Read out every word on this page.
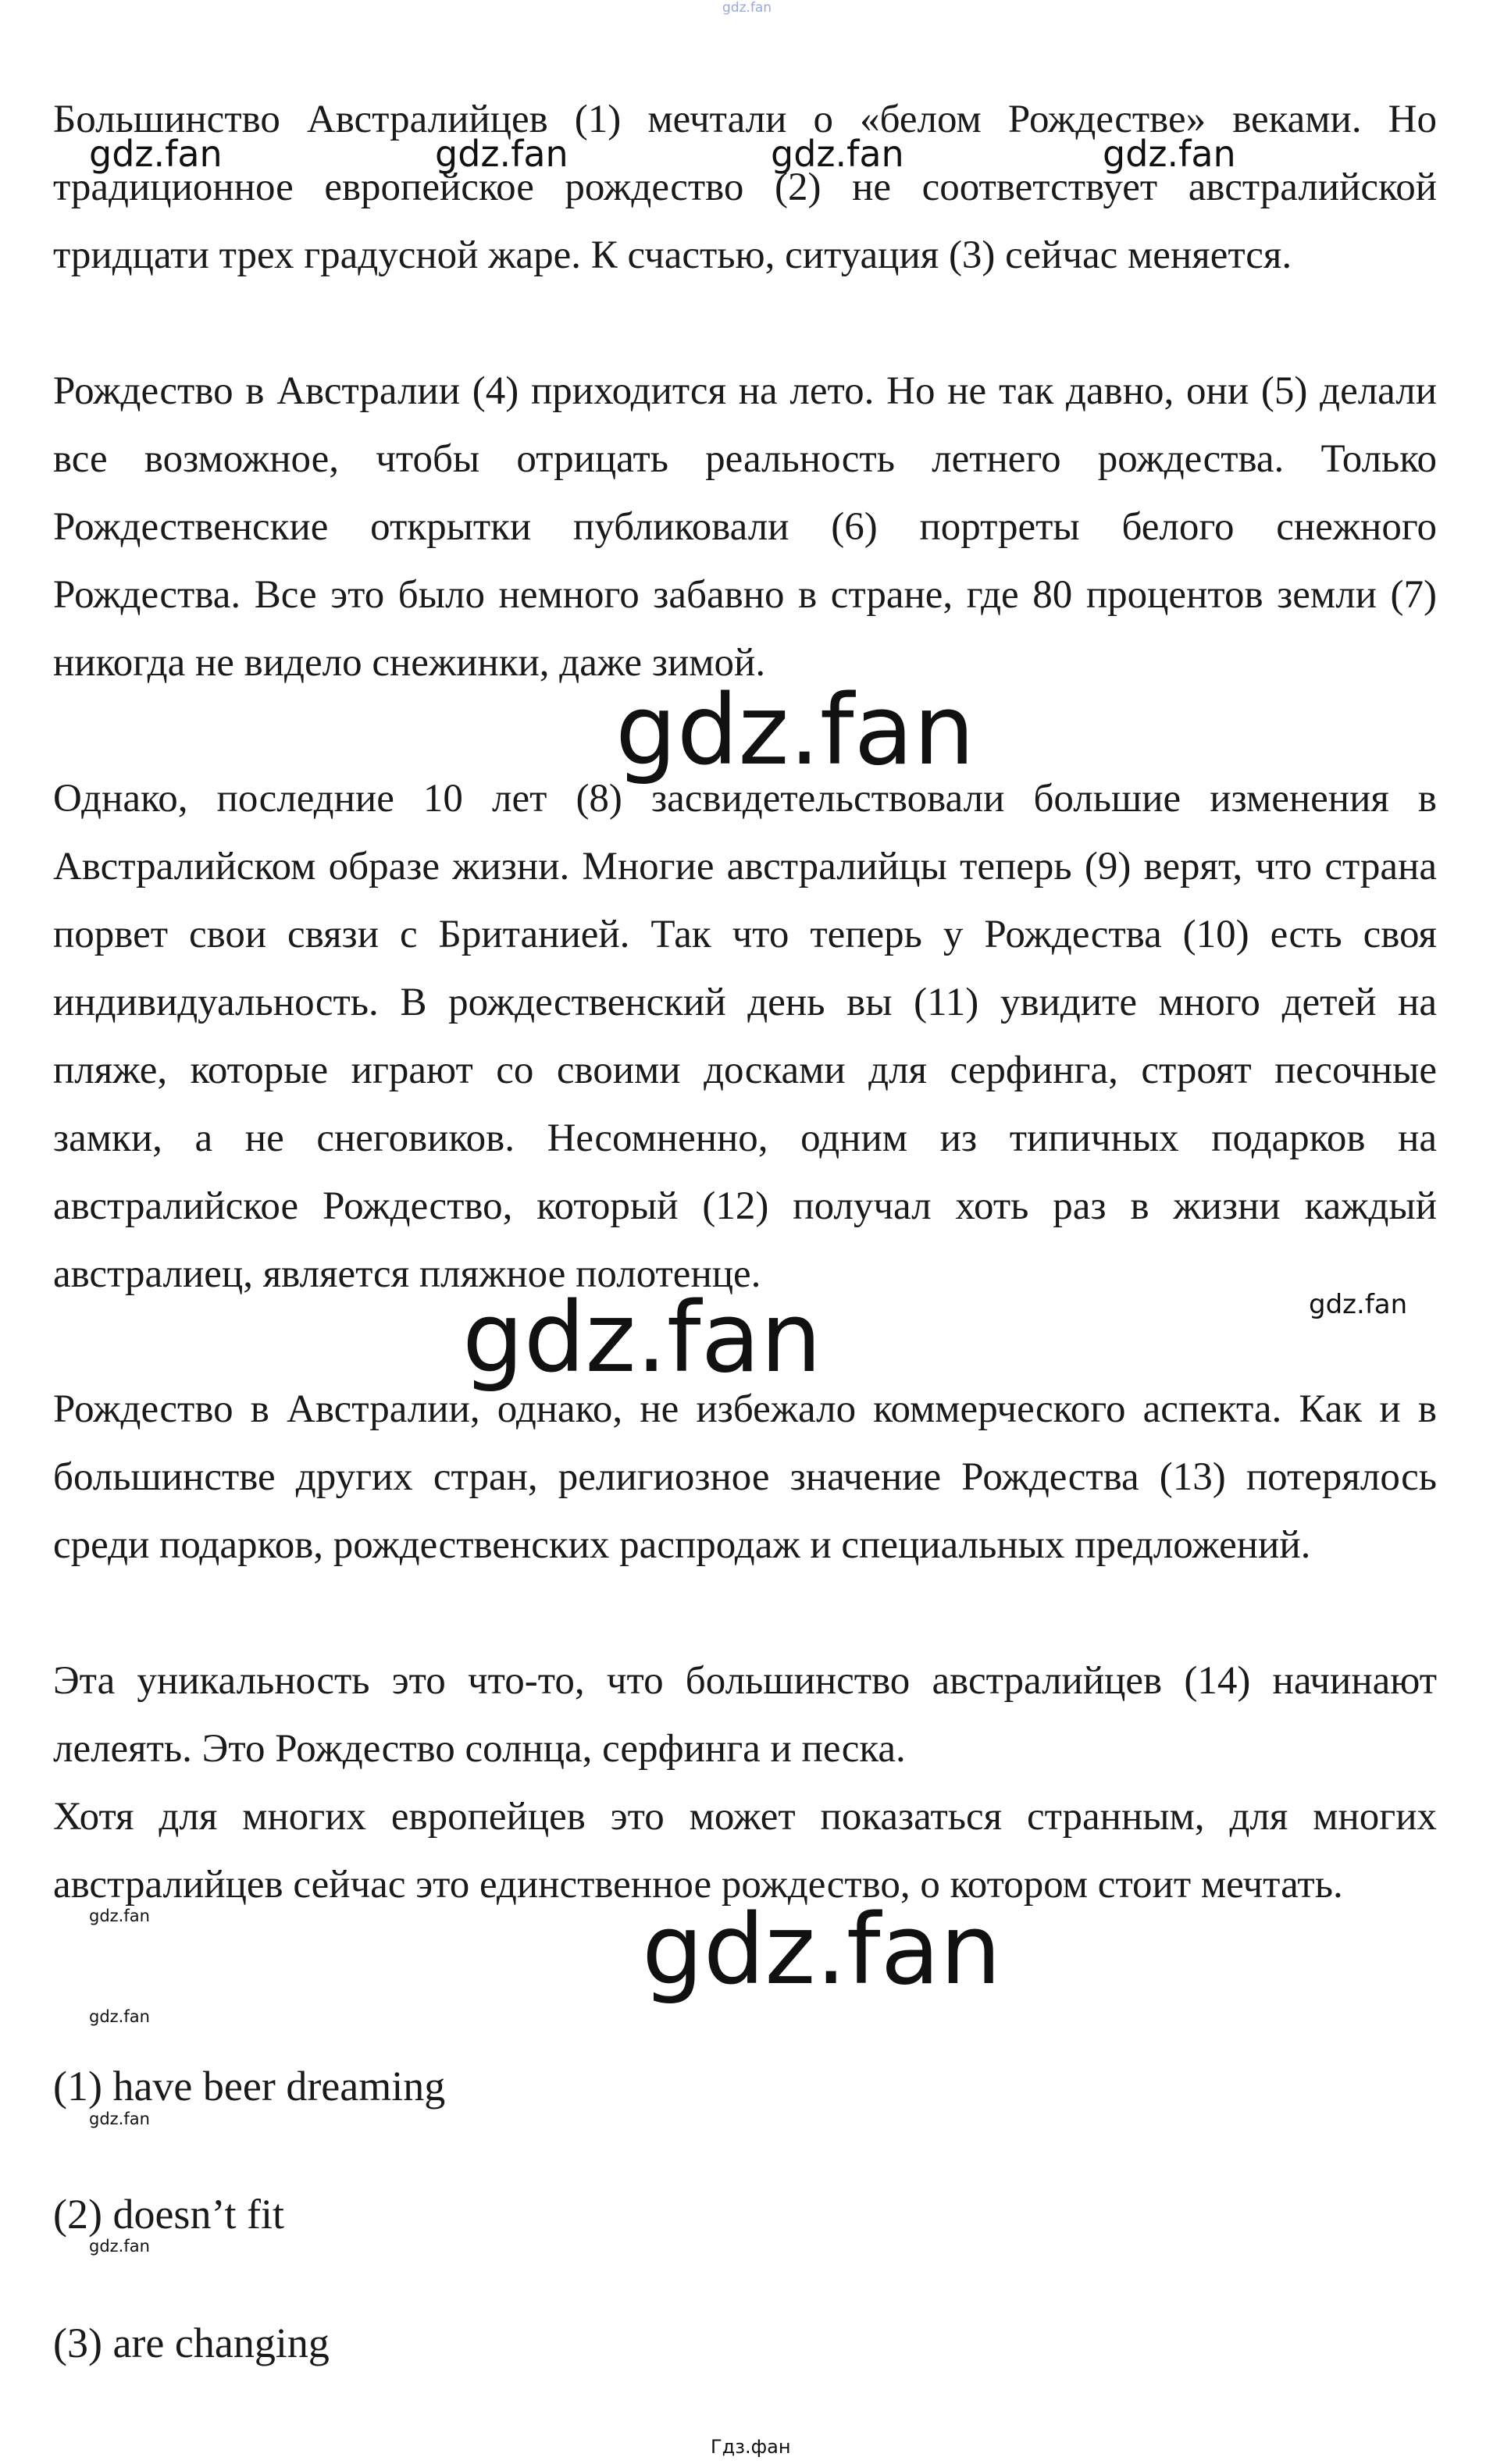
gdz.fan

Большинство Австралийцев (1) мечтали о «белом Рождестве» веками. Но традиционное европейское рождество (2) не соответствует австралийской тридцати трех градусной жаре. К счастью, ситуация (3) сейчас меняется.

Рождество в Австралии (4) приходится на лето. Но не так давно, они (5) делали все возможное, чтобы отрицать реальность летнего рождества. Только Рождественские открытки публиковали (6) портреты белого снежного Рождества. Все это было немного забавно в стране, где 80 процентов земли (7) никогда не видело снежинки, даже зимой.

Однако, последние 10 лет (8) засвидетельствовали большие изменения в Австралийском образе жизни. Многие австралийцы теперь (9) верят, что страна порвет свои связи с Британией. Так что теперь у Рождества (10) есть своя индивидуальность. В рождественский день вы (11) увидите много детей на пляже, которые играют со своими досками для серфинга, строят песочные замки, а не снеговиков. Несомненно, одним из типичных подарков на австралийское Рождество, который (12) получал хоть раз в жизни каждый австралиец, является пляжное полотенце.

Рождество в Австралии, однако, не избежало коммерческого аспекта. Как и в большинстве других стран, религиозное значение Рождества (13) потерялось среди подарков, рождественских распродаж и специальных предложений.

Эта уникальность это что-то, что большинство австралийцев (14) начинают лелеять. Это Рождество солнца, серфинга и песка.

Хотя для многих европейцев это может показаться странным, для многих австралийцев сейчас это единственное рождество, о котором стоит мечтать.

(1) have beer dreaming

(2) doesn’t fit

(3) are changing

gdz.fan	gdz.fan	gdz.fan	gdz.fan
gdz.fan
gdz.fan
gdz.fan
gdz.fan
gdz.fan
gdz.fan
gdz.fan
gdz.fan
Гдз.фан
